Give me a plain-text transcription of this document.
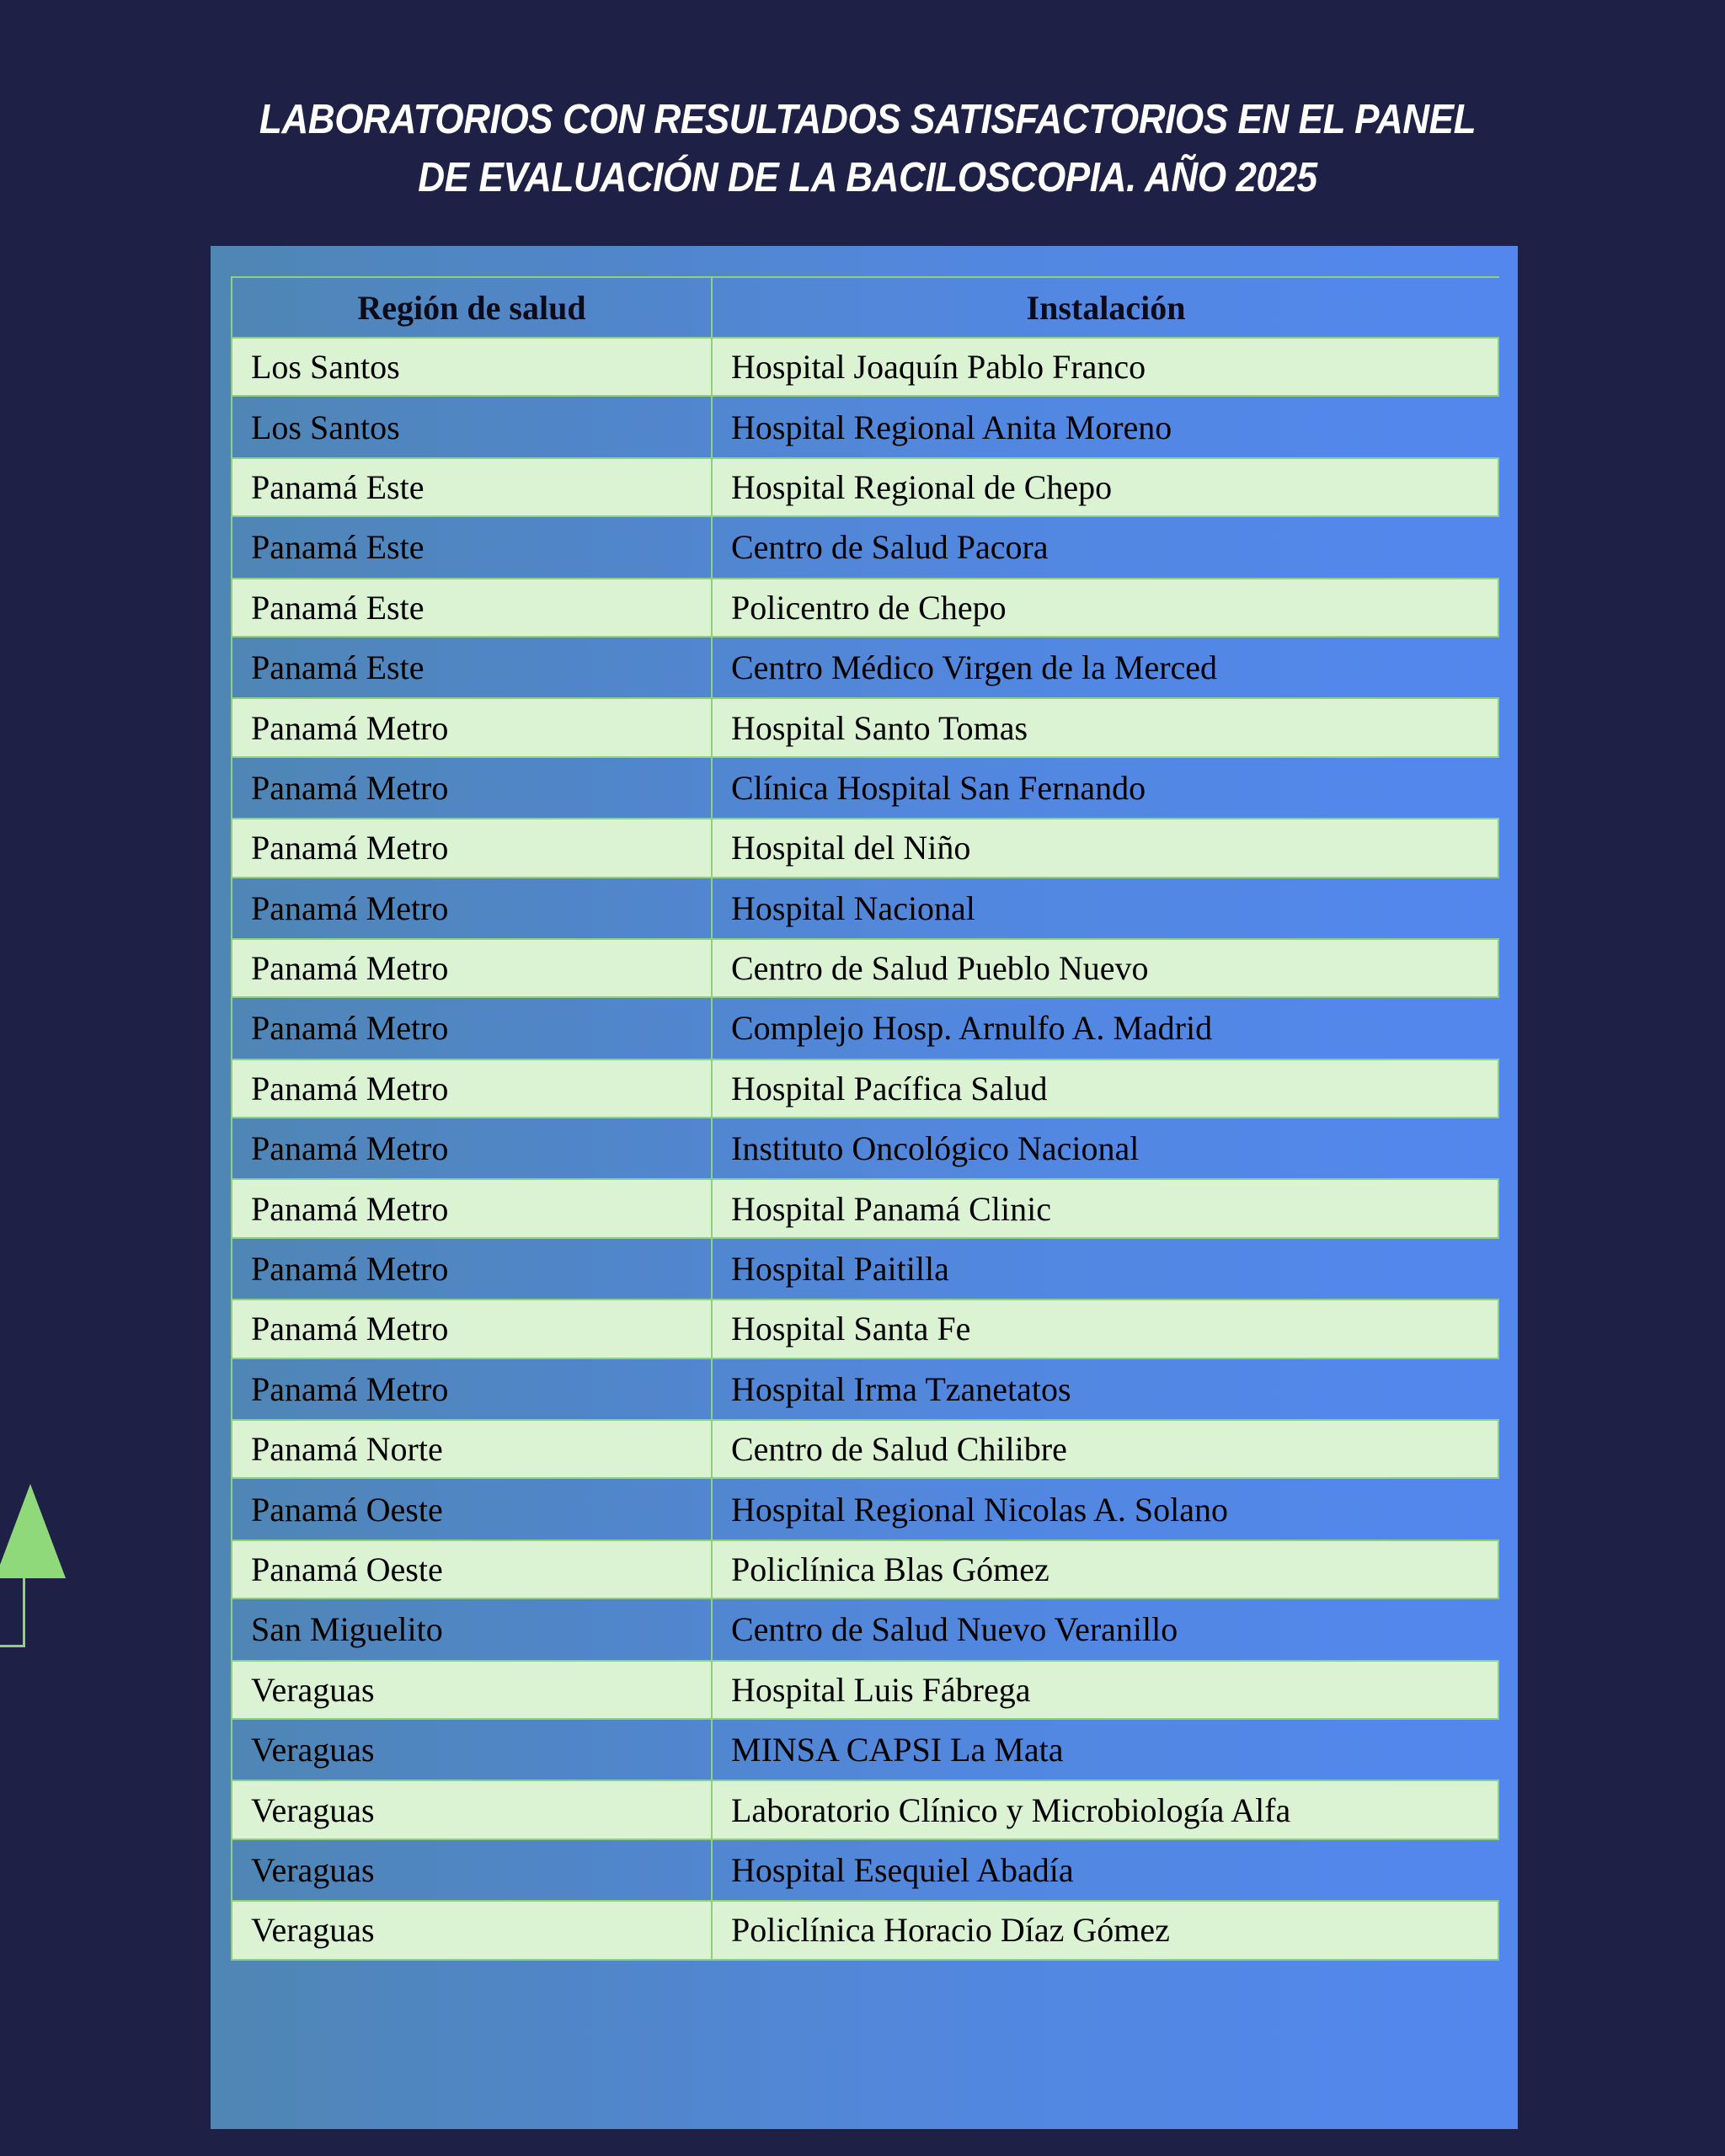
LABORATORIOS CON RESULTADOS SATISFACTORIOS EN EL PANEL
DE EVALUACIÓN DE LA BACILOSCOPIA. AÑO 2025
Región de salud	Instalación
Los Santos	Hospital Joaquín Pablo Franco
Los Santos	Hospital Regional Anita Moreno
Panamá Este	Hospital Regional de Chepo
Panamá Este	Centro de Salud Pacora
Panamá Este	Policentro de Chepo
Panamá Este	Centro Médico Virgen de la Merced
Panamá Metro	Hospital Santo Tomas
Panamá Metro	Clínica Hospital San Fernando
Panamá Metro	Hospital del Niño
Panamá Metro	Hospital Nacional
Panamá Metro	Centro de Salud Pueblo Nuevo
Panamá Metro	Complejo Hosp. Arnulfo A. Madrid
Panamá Metro	Hospital Pacífica Salud
Panamá Metro	Instituto Oncológico Nacional
Panamá Metro	Hospital Panamá Clinic
Panamá Metro	Hospital Paitilla
Panamá Metro	Hospital Santa Fe
Panamá Metro	Hospital Irma Tzanetatos
Panamá Norte	Centro de Salud Chilibre
Panamá Oeste	Hospital Regional Nicolas A. Solano
Panamá Oeste	Policlínica Blas Gómez
San Miguelito	Centro de Salud Nuevo Veranillo
Veraguas	Hospital Luis Fábrega
Veraguas	MINSA CAPSI La Mata
Veraguas	Laboratorio Clínico y Microbiología Alfa
Veraguas	Hospital Esequiel Abadía
Veraguas	Policlínica Horacio Díaz Gómez
